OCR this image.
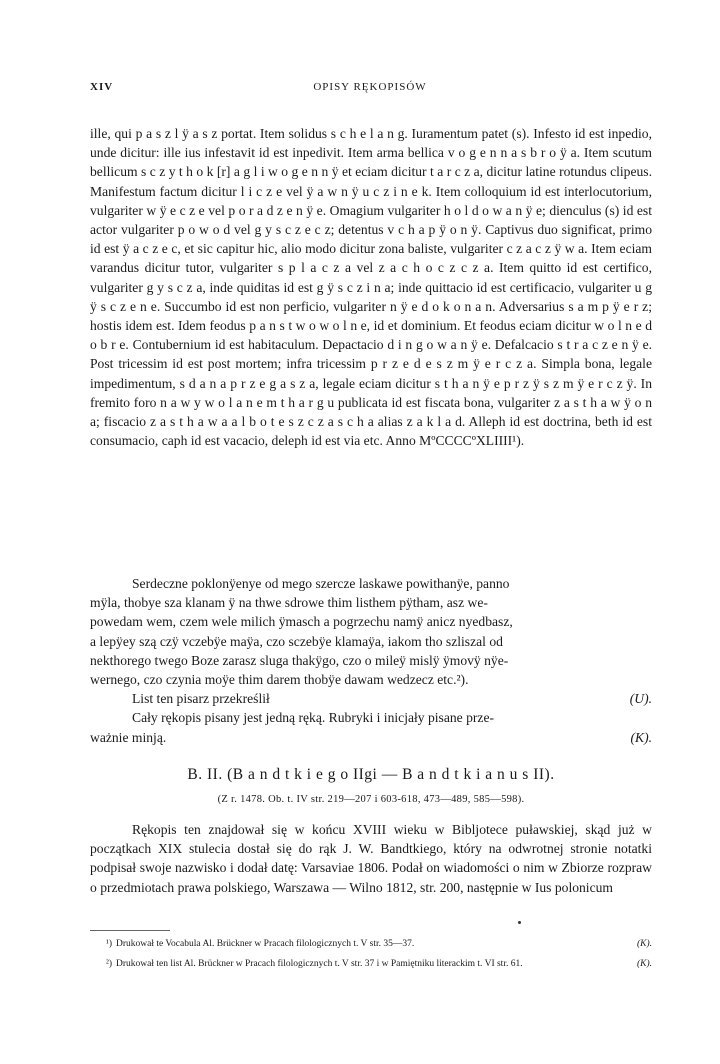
XIV	OPISY RĘKOPISÓW

ille, qui p a s z l ÿ a s z portat. Item solidus s c h e l a n g. Iuramentum patet (s). Infesto id est inpedio, unde dicitur: ille ius infestavit id est inpedivit. Item arma bellica v o g e n n a s b r o ÿ a. Item scutum bellicum s c z y t h o k [r] a g l i w o g e n n ÿ et eciam dicitur t a r c z a, dicitur latine rotundus clipeus. Manifestum factum dicitur l i c z e vel ÿ a w n ÿ u c z i n e k. Item colloquium id est interlocutorium, vulgariter w ÿ e c z e vel p o r a d z e n ÿ e. Omagium vulgariter h o l d o w a n ÿ e; dienculus (s) id est actor vulgariter p o w o d vel g y s c z e c z; detentus v c h a p ÿ o n ÿ. Captivus duo significat, primo id est ÿ a c z e c, et sic capitur hic, alio modo dicitur zona baliste, vulgariter c z a c z ÿ w a. Item eciam varandus dicitur tutor, vulgariter s p l a c z a vel z a c h o c z c z a. Item quitto id est certifico, vulgariter g y s c z a, inde quiditas id est g ÿ s c z i n a; inde quittacio id est certificacio, vulgariter u g ÿ s c z e n e. Succumbo id est non perficio, vulgariter n ÿ e d o k o n a n. Adversarius s a m p ÿ e r z; hostis idem est. Idem feodus p a n s t w o w o l n e, id et dominium. Et feodus eciam dicitur w o l n e d o b r e. Contubernium id est habitaculum. Depactacio d i n g o w a n ÿ e. Defalcacio s t r a c z e n ÿ e. Post tricessim id est post mortem; infra tricessim p r z e d e s z m ÿ e r c z a. Simpla bona, legale impedimentum, s d a n a p r z e g a s z a, legale eciam dicitur s t h a n ÿ e p r z ÿ s z m ÿ e r c z ÿ. In fremito foro n a w y w o l a n e m t h a r g u publicata id est fiscata bona, vulgariter z a s t h a w ÿ o n a; fiscacio z a s t h a w a a l b o t e s z c z a s c h a alias z a k l a d. Alleph id est doctrina, beth id est consumacio, caph id est vacacio, deleph id est via etc. Anno MºCCCCºXLIIII¹).

Serdeczne poklonÿenye od mego szercze laskawe powithanÿe, panno
mÿla, thobye sza klanam ÿ na thwe sdrowe thim listhem pÿtham, asz we-
powedam wem, czem wele milich ÿmasch a pogrzechu namÿ anicz nyedbasz,
a lepÿey szą czÿ vczebÿe maÿa, czo sczebÿe klamaÿa, iakom tho szliszal od
nekthorego twego Boze zarasz sluga thakÿgo, czo o mileÿ mislÿ ÿmovÿ nÿe-
wernego, czo czynia moÿe thim darem thobÿe dawam wedzecz etc.²).
List ten pisarz przekreślił	(U).
Cały rękopis pisany jest jedną ręką. Rubryki i inicjały pisane prze-
ważnie minją.	(K).
B. II. (B a n d t k i e g o IIgi — B a n d t k i a n u s II).
(Z r. 1478. Ob. t. IV str. 219—207 i 603-618, 473—489, 585—598).

Rękopis ten znajdował się w końcu XVIII wieku w Bibljotece puławskiej, skąd już w początkach XIX stulecia dostał się do rąk J. W. Bandtkiego, który na odwrotnej stronie notatki podpisał swoje nazwisko i dodał datę: Varsaviae 1806. Podał on wiadomości o nim w Zbiorze rozpraw o przedmiotach prawa polskiego, Warszawa — Wilno 1812, str. 200, następnie w Ius polonicum

¹) Drukował te Vocabula Al. Brückner w Pracach filologicznych t. V str. 35—37.	(K).
²) Drukował ten list Al. Brückner w Pracach filologicznych t. V str. 37 i w Pamiętniku literackim t. VI str. 61.	(K).
